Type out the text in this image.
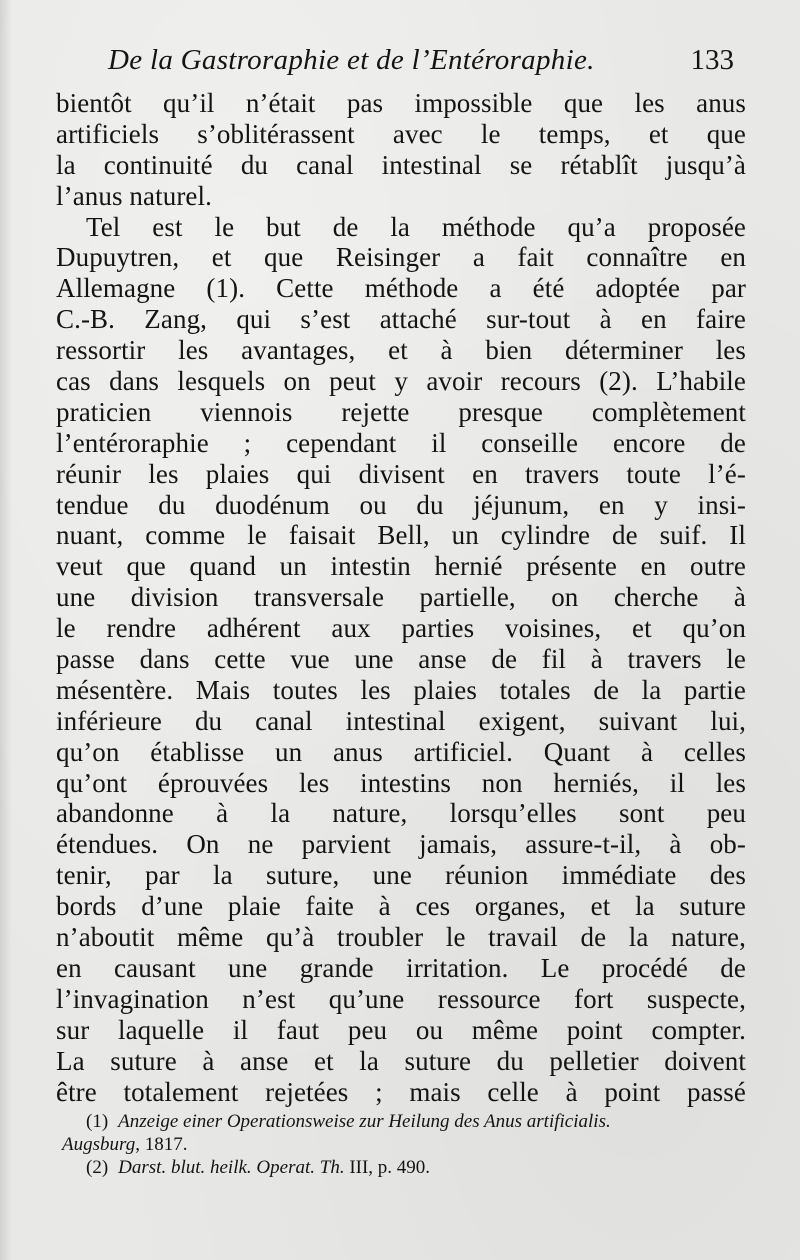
De la Gastroraphie et de l’Entéroraphie.	133
bientôt qu’il n’était pas impossible que les anus
artificiels s’oblitérassent avec le temps, et que
la continuité du canal intestinal se rétablît jusqu’à
l’anus naturel.
Tel est le but de la méthode qu’a proposée
Dupuytren, et que Reisinger a fait connaître en
Allemagne (1). Cette méthode a été adoptée par
C.-B. Zang, qui s’est attaché sur-tout à en faire
ressortir les avantages, et à bien déterminer les
cas dans lesquels on peut y avoir recours (2). L’habile
praticien viennois rejette presque complètement
l’entéroraphie ; cependant il conseille encore de
réunir les plaies qui divisent en travers toute l’é-
tendue du duodénum ou du jéjunum, en y insi-
nuant, comme le faisait Bell, un cylindre de suif. Il
veut que quand un intestin hernié présente en outre
une division transversale partielle, on cherche à
le rendre adhérent aux parties voisines, et qu’on
passe dans cette vue une anse de fil à travers le
mésentère. Mais toutes les plaies totales de la partie
inférieure du canal intestinal exigent, suivant lui,
qu’on établisse un anus artificiel. Quant à celles
qu’ont éprouvées les intestins non herniés, il les
abandonne à la nature, lorsqu’elles sont peu
étendues. On ne parvient jamais, assure-t-il, à ob-
tenir, par la suture, une réunion immédiate des
bords d’une plaie faite à ces organes, et la suture
n’aboutit même qu’à troubler le travail de la nature,
en causant une grande irritation. Le procédé de
l’invagination n’est qu’une ressource fort suspecte,
sur laquelle il faut peu ou même point compter.
La suture à anse et la suture du pelletier doivent
être totalement rejetées ; mais celle à point passé
(1) Anzeige einer Operationsweise zur Heilung des Anus artificialis.
Augsburg, 1817.
(2) Darst. blut. heilk. Operat. Th. III, p. 490.
